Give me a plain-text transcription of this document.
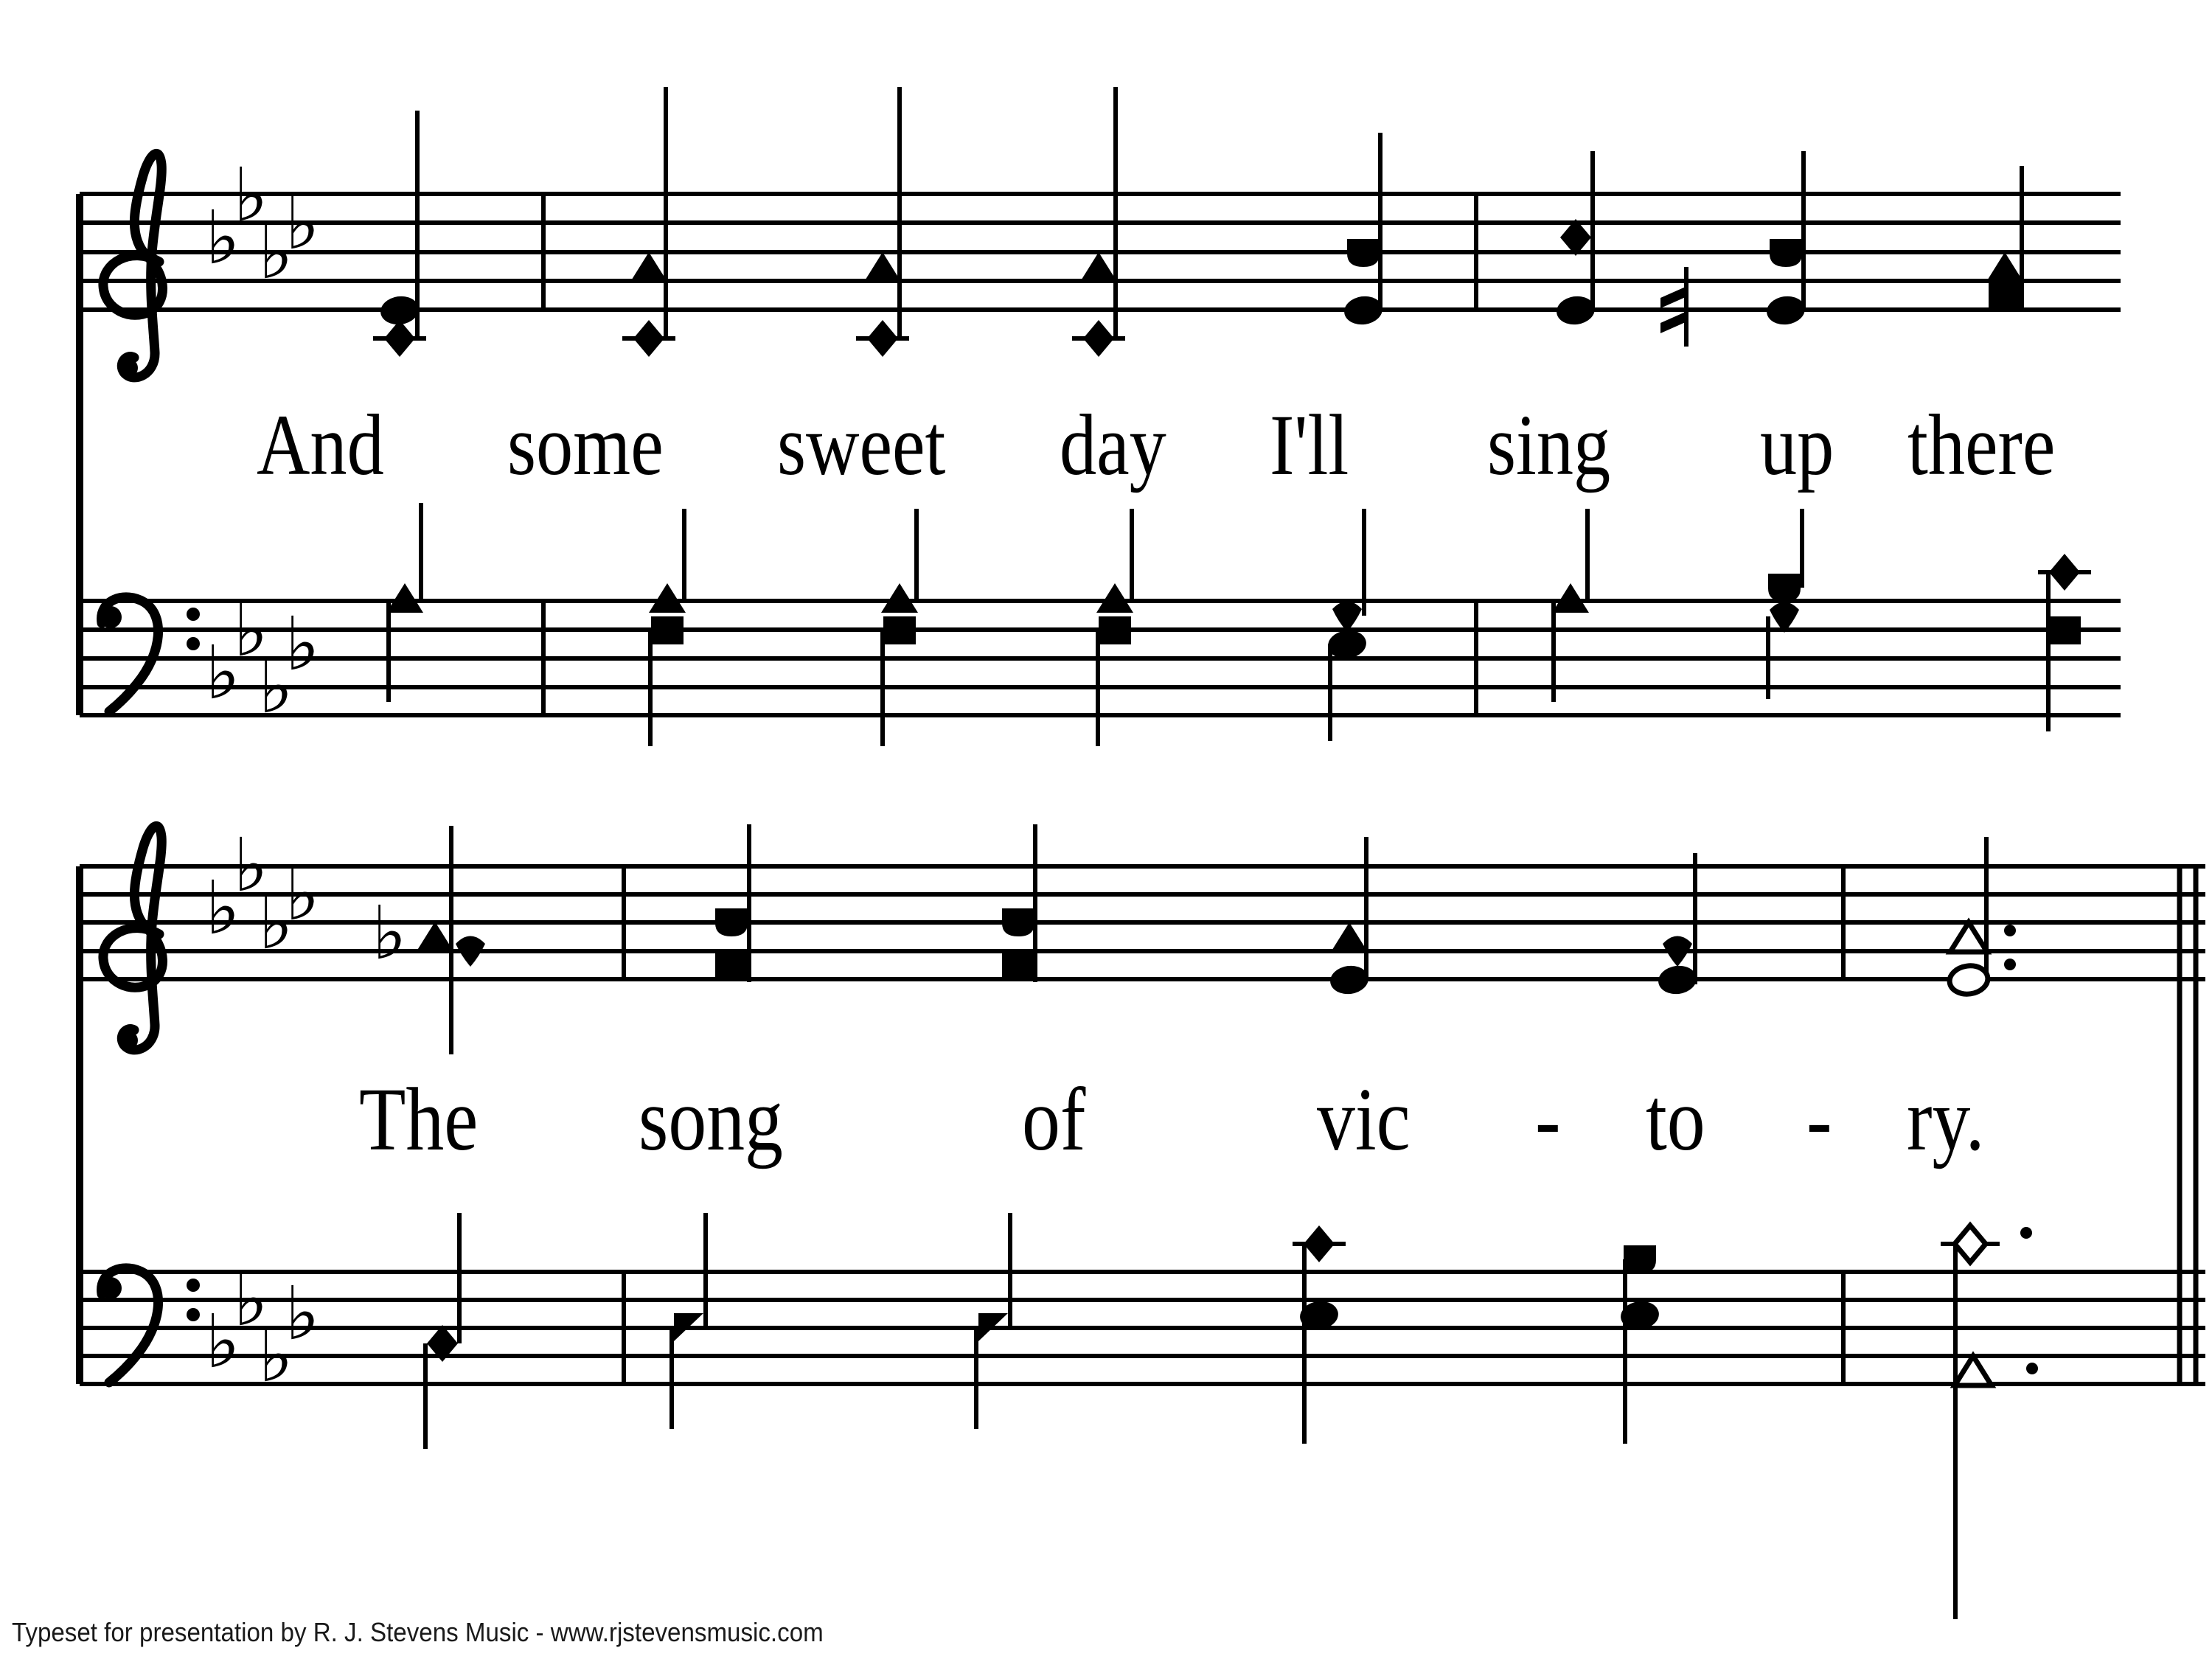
♭
♭
♭
♭
♭
♭
♭
♭
♭
♭
♭
♭
♭
♭
♭
♭
♭
And some sweet day I'll sing up there
The song	of	vic - to - ry.
Typeset for presentation by R. J. Stevens Music - www.rjstevensmusic.com
